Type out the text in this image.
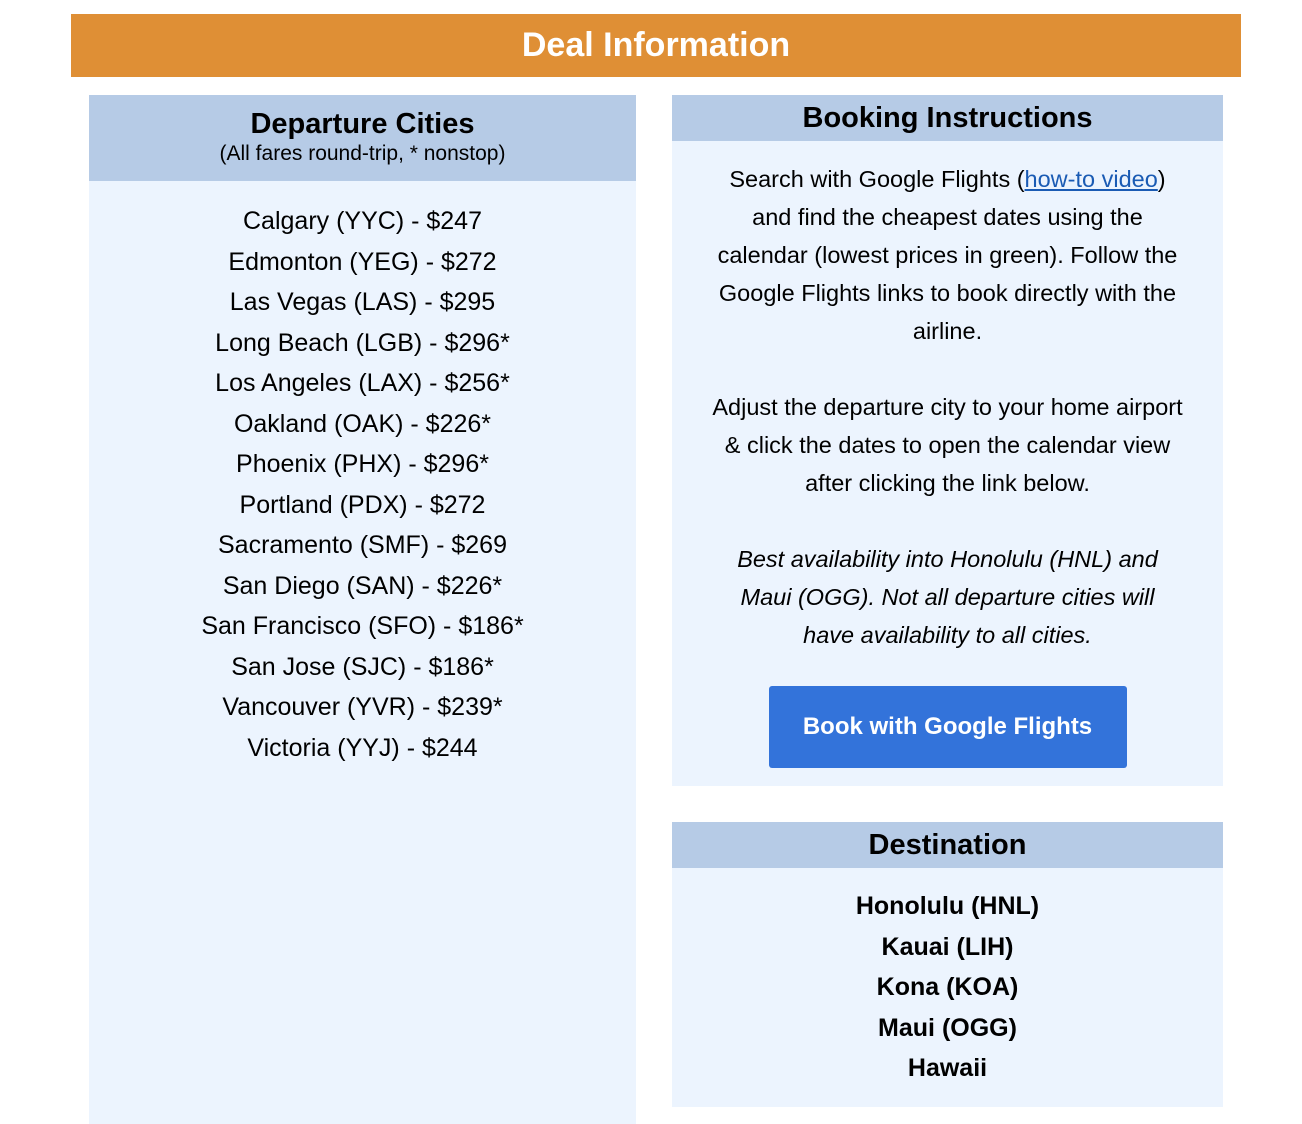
Deal Information
Departure Cities
(All fares round-trip, * nonstop)
Calgary (YYC) - $247
Edmonton (YEG) - $272
Las Vegas (LAS) - $295
Long Beach (LGB) - $296*
Los Angeles (LAX) - $256*
Oakland (OAK) - $226*
Phoenix (PHX) - $296*
Portland (PDX) - $272
Sacramento (SMF) - $269
San Diego (SAN) - $226*
San Francisco (SFO) - $186*
San Jose (SJC) - $186*
Vancouver (YVR) - $239*
Victoria (YYJ) - $244
Booking Instructions

Search with Google Flights (how-to video) and find the cheapest dates using the calendar (lowest prices in green). Follow the Google Flights links to book directly with the airline.

Adjust the departure city to your home airport & click the dates to open the calendar view after clicking the link below.

Best availability into Honolulu (HNL) and Maui (OGG). Not all departure cities will have availability to all cities.

Book with Google Flights
Destination
Honolulu (HNL)
Kauai (LIH)
Kona (KOA)
Maui (OGG)
Hawaii
